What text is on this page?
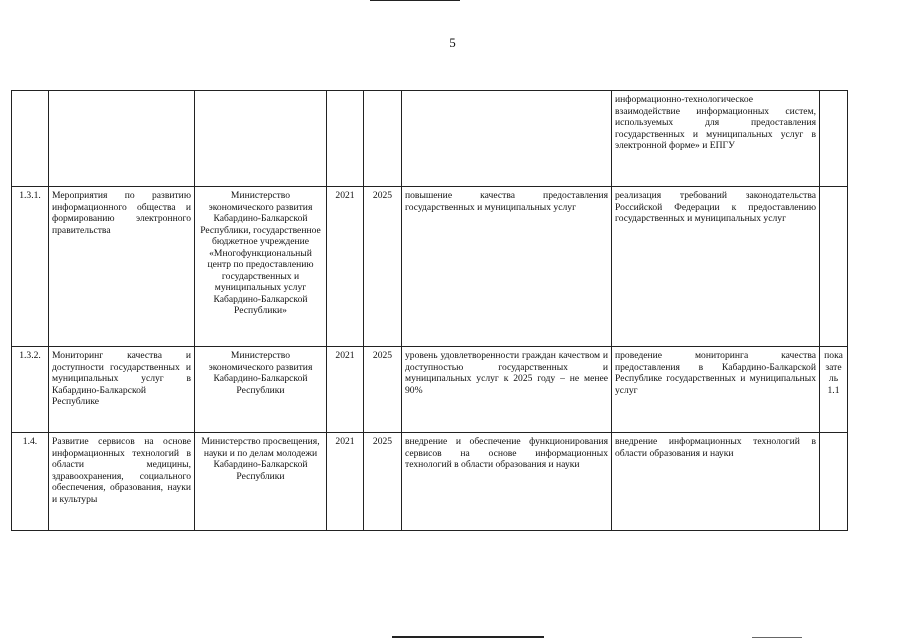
5
						информационно-технологическое взаимодействие информационных систем, используемых для предоставления государственных и муниципальных услуг в электронной форме» и ЕПГУ	
1.3.1.	Мероприятия по развитию информационного общества и формированию электронного правительства	Министерство экономического развития Кабардино-Балкарской Республики, государственное бюджетное учреждение «Многофункциональный центр по предоставлению государственных и муниципальных услуг Кабардино-Балкарской Республики»	2021	2025	повышение качества предоставления государственных и муниципальных услуг	реализация требований законодательства Российской Федерации к предоставлению государственных и муниципальных услуг	
1.3.2.	Мониторинг качества и доступности государственных и муниципальных услуг в Кабардино-Балкарской Республике	Министерство экономического развития Кабардино-Балкарской Республики	2021	2025	уровень удовлетворенности граждан качеством и доступностью государственных и муниципальных услуг к 2025 году – не менее 90%	проведение мониторинга качества предоставления в Кабардино-Балкарской Республике государственных и муниципальных услуг	показатель 1.1
1.4.	Развитие сервисов на основе информационных технологий в области медицины, здравоохранения, социального обеспечения, образования, науки и культуры	Министерство просвещения, науки и по делам молодежи Кабардино-Балкарской Республики	2021	2025	внедрение и обеспечение функционирования сервисов на основе информационных технологий в области образования и науки	внедрение информационных технологий в области образования и науки	
